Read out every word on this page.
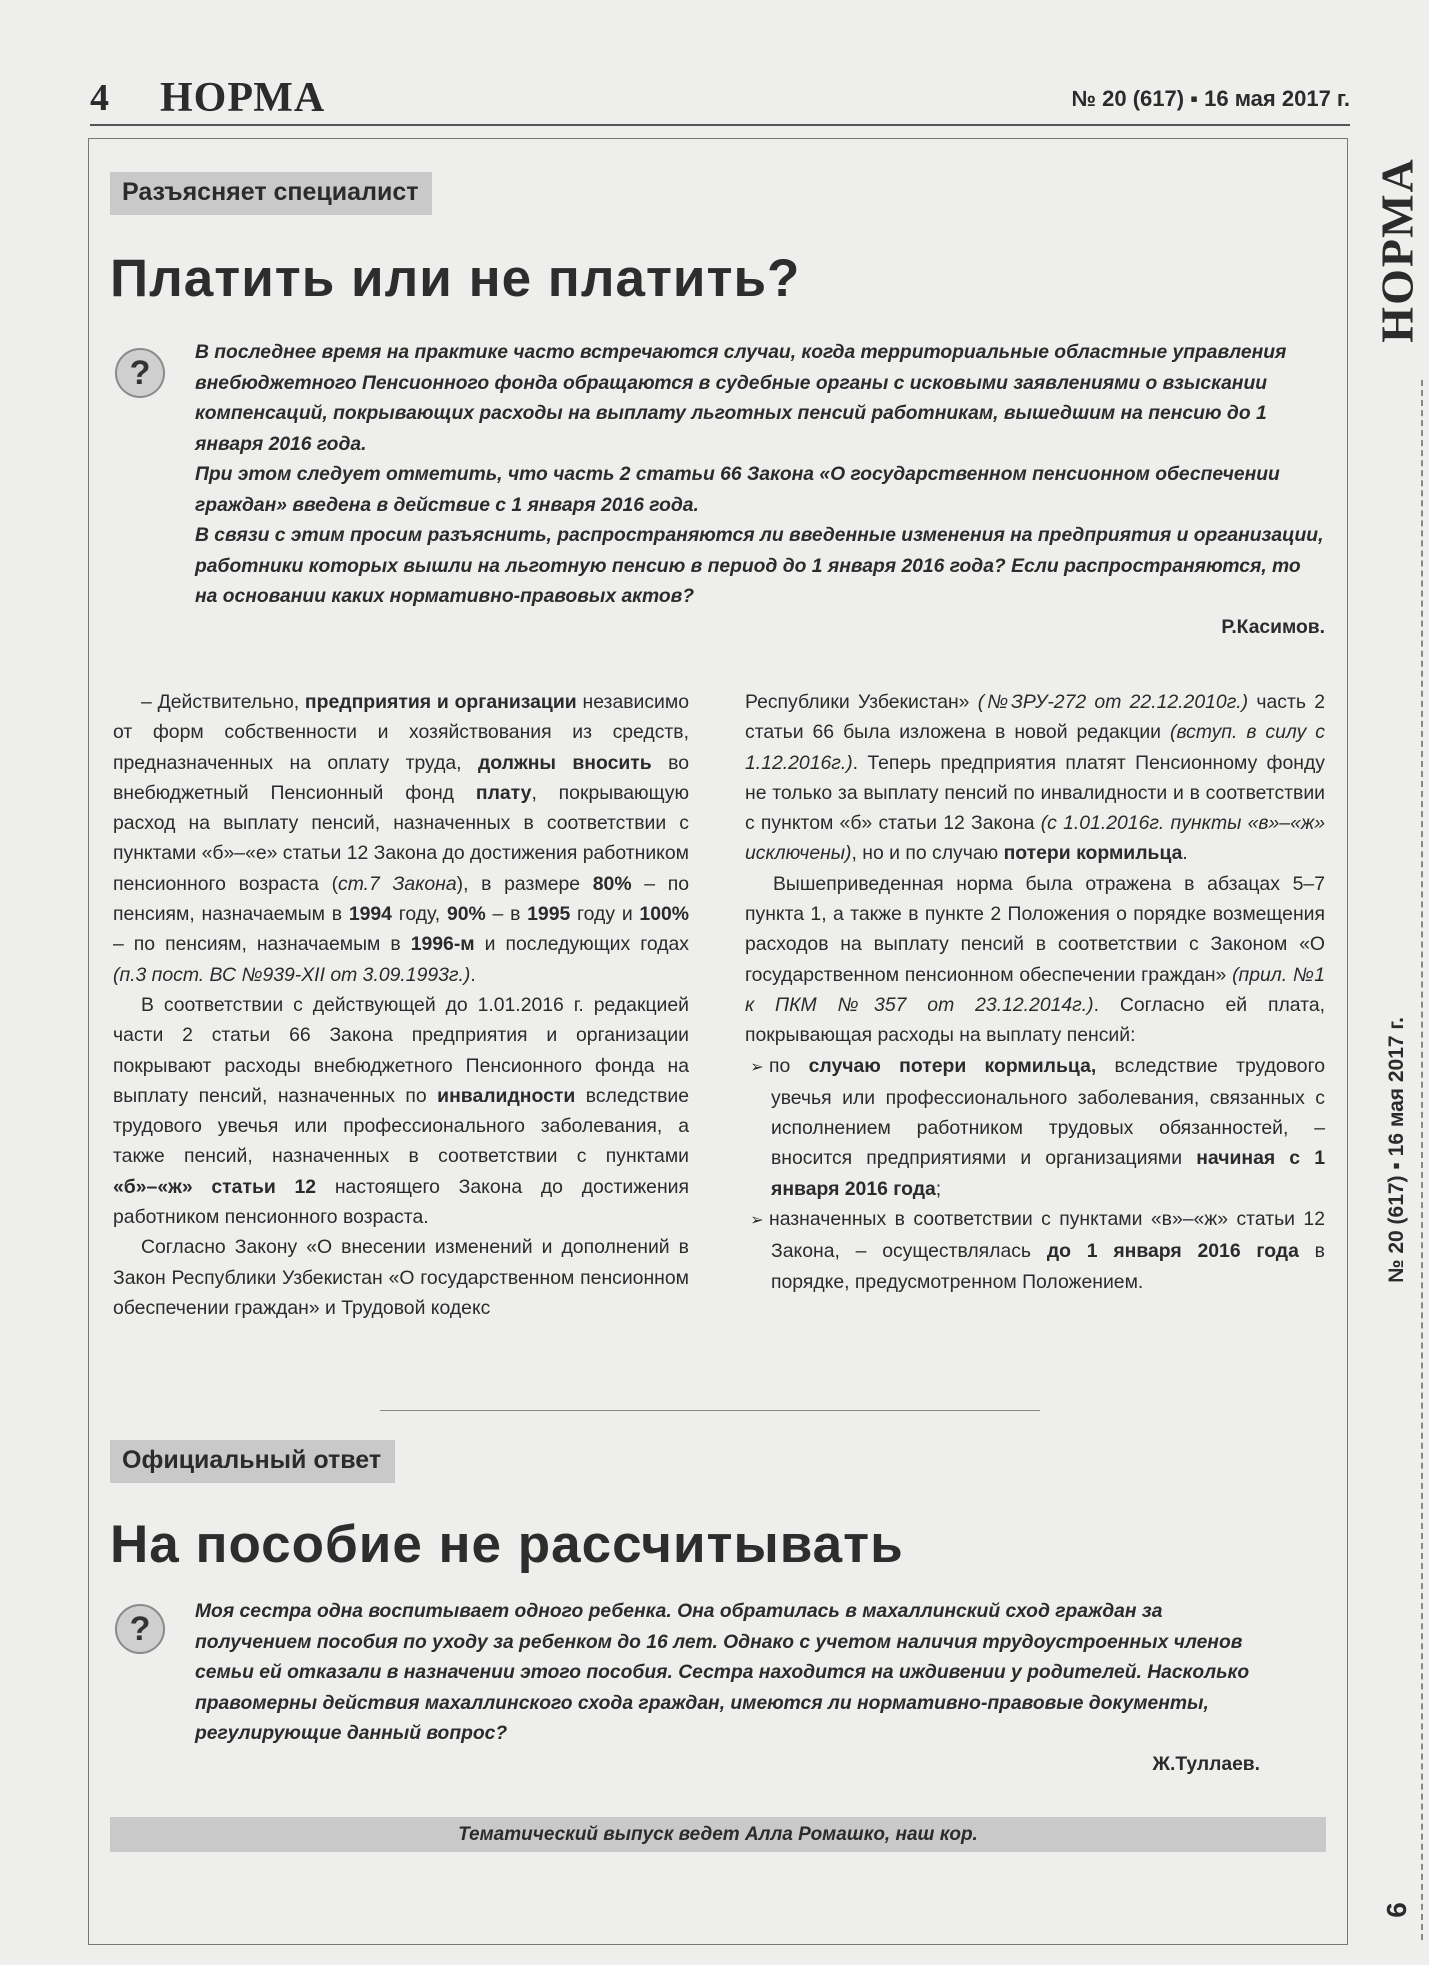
4 НОРМА	№ 20 (617) ▪ 16 мая 2017 г.
НОРМА
№ 20 (617) ▪ 16 мая 2017 г.
6
Разъясняет специалист
Платить или не платить?
?

В последнее время на практике часто встречаются случаи, когда территориальные областные управления внебюджетного Пенсионного фонда обращаются в судебные органы с исковыми заявлениями о взыскании компенсаций, покрывающих расходы на выплату льготных пенсий работникам, вышедшим на пенсию до 1 января 2016 года.

При этом следует отметить, что часть 2 статьи 66 Закона «О государственном пенсионном обеспечении граждан» введена в действие с 1 января 2016 года.

В связи с этим просим разъяснить, распространяются ли введенные изменения на предприятия и организации, работники которых вышли на льготную пенсию в период до 1 января 2016 года? Если распространяются, то на основании каких нормативно-правовых актов?

Р.Касимов.

– Действительно, предприятия и организации независимо от форм собственности и хозяйствования из средств, предназначенных на оплату труда, должны вносить во внебюджетный Пенсионный фонд плату, покрывающую расход на выплату пенсий, назначенных в соответствии с пунктами «б»–«е» статьи 12 Закона до достижения работником пенсионного возраста (ст.7 Закона), в размере 80% – по пенсиям, назначаемым в 1994 году, 90% – в 1995 году и 100% – по пенсиям, назначаемым в 1996-м и последующих годах (п.3 пост. ВС №939-XII от 3.09.1993г.).

В соответствии с действующей до 1.01.2016 г. редакцией части 2 статьи 66 Закона предприятия и организации покрывают расходы внебюджетного Пенсионного фонда на выплату пенсий, назначенных по инвалидности вследствие трудового увечья или профессионального заболевания, а также пенсий, назначенных в соответствии с пунктами «б»–«ж» статьи 12 настоящего Закона до достижения работником пенсионного возраста.

Согласно Закону «О внесении изменений и дополнений в Закон Республики Узбекистан «О государственном пенсионном обеспечении граждан» и Трудовой кодекс

Республики Узбекистан» (№ЗРУ-272 от 22.12.2010г.) часть 2 статьи 66 была изложена в новой редакции (вступ. в силу с 1.12.2016г.). Теперь предприятия платят Пенсионному фонду не только за выплату пенсий по инвалидности и в соответствии с пунктом «б» статьи 12 Закона (с 1.01.2016г. пункты «в»–«ж» исключены), но и по случаю потери кормильца.

Вышеприведенная норма была отражена в абзацах 5–7 пункта 1, а также в пункте 2 Положения о порядке возмещения расходов на выплату пенсий в соответствии с Законом «О государственном пенсионном обеспечении граждан» (прил. №1 к ПКМ №357 от 23.12.2014г.). Согласно ей плата, покрывающая расходы на выплату пенсий:

➢ по случаю потери кормильца, вследствие трудового увечья или профессионального заболевания, связанных с исполнением работником трудовых обязанностей, – вносится предприятиями и организациями начиная с 1 января 2016 года;

➢ назначенных в соответствии с пунктами «в»–«ж» статьи 12 Закона, – осуществлялась до 1 января 2016 года в порядке, предусмотренном Положением.

Официальный ответ
На пособие не рассчитывать
?	Моя сестра одна воспитывает одного ребенка. Она обратилась в махаллинский сход граждан за получением пособия по уходу за ребенком до 16 лет. Однако с учетом наличия трудоустроенных членов семьи ей отказали в назначении этого пособия. Сестра находится на иждивении у родителей. Насколько правомерны действия махаллинского схода граждан, имеются ли нормативно-правовые документы, регулирующие данный вопрос?

Ж.Туллаев.

Тематический выпуск ведет Алла Ромашко, наш кор.
